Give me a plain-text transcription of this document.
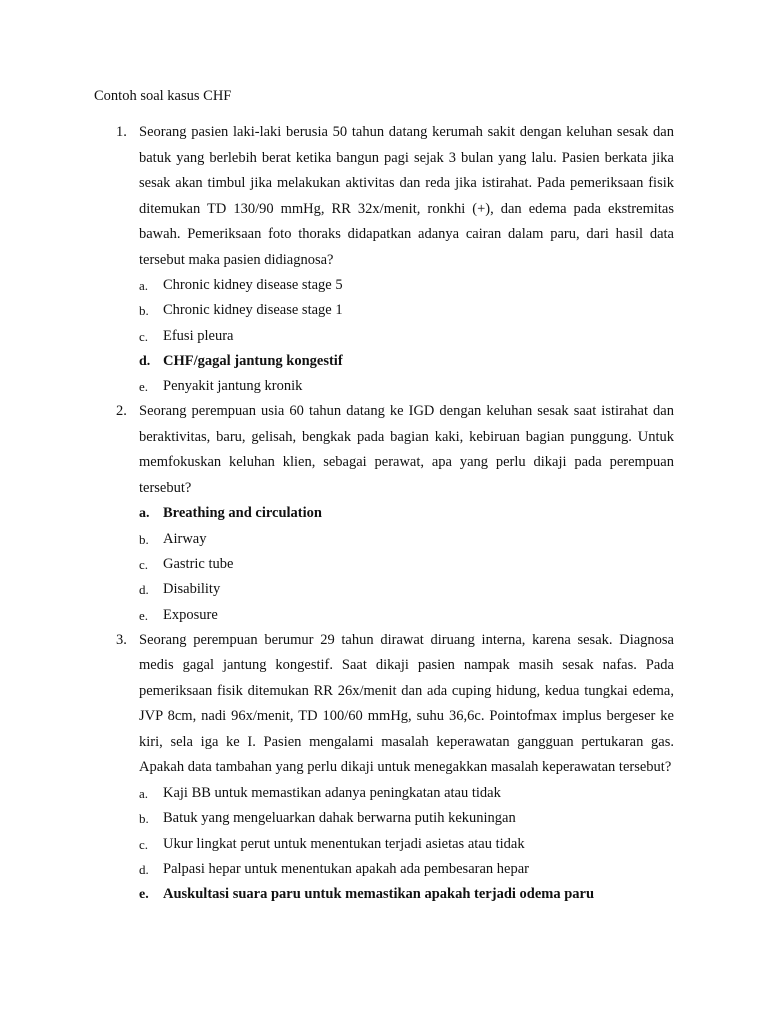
Contoh soal kasus CHF
1. Seorang pasien laki-laki berusia 50 tahun datang kerumah sakit dengan keluhan sesak dan batuk yang berlebih berat ketika bangun pagi sejak 3 bulan yang lalu. Pasien berkata jika sesak akan timbul jika melakukan aktivitas dan reda jika istirahat. Pada pemeriksaan fisik ditemukan TD 130/90 mmHg, RR 32x/menit, ronkhi (+), dan edema pada ekstremitas bawah. Pemeriksaan foto thoraks didapatkan adanya cairan dalam paru, dari hasil data tersebut maka pasien didiagnosa?
a. Chronic kidney disease stage 5
b. Chronic kidney disease stage 1
c. Efusi pleura
d. CHF/gagal jantung kongestif
e. Penyakit jantung kronik
2. Seorang perempuan usia 60 tahun datang ke IGD dengan keluhan sesak saat istirahat dan beraktivitas, baru, gelisah, bengkak pada bagian kaki, kebiruan bagian punggung. Untuk memfokuskan keluhan klien, sebagai perawat, apa yang perlu dikaji pada perempuan tersebut?
a. Breathing and circulation
b. Airway
c. Gastric tube
d. Disability
e. Exposure
3. Seorang perempuan berumur 29 tahun dirawat diruang interna, karena sesak. Diagnosa medis gagal jantung kongestif. Saat dikaji pasien nampak masih sesak nafas. Pada pemeriksaan fisik ditemukan RR 26x/menit dan ada cuping hidung, kedua tungkai edema, JVP 8cm, nadi 96x/menit, TD 100/60 mmHg, suhu 36,6c. Pointofmax implus bergeser ke kiri, sela iga ke I. Pasien mengalami masalah keperawatan gangguan pertukaran gas. Apakah data tambahan yang perlu dikaji untuk menegakkan masalah keperawatan tersebut?
a. Kaji BB untuk memastikan adanya peningkatan atau tidak
b. Batuk yang mengeluarkan dahak berwarna putih kekuningan
c. Ukur lingkat perut untuk menentukan terjadi asietas atau tidak
d. Palpasi hepar untuk menentukan apakah ada pembesaran hepar
e. Auskultasi suara paru untuk memastikan apakah terjadi odema paru
